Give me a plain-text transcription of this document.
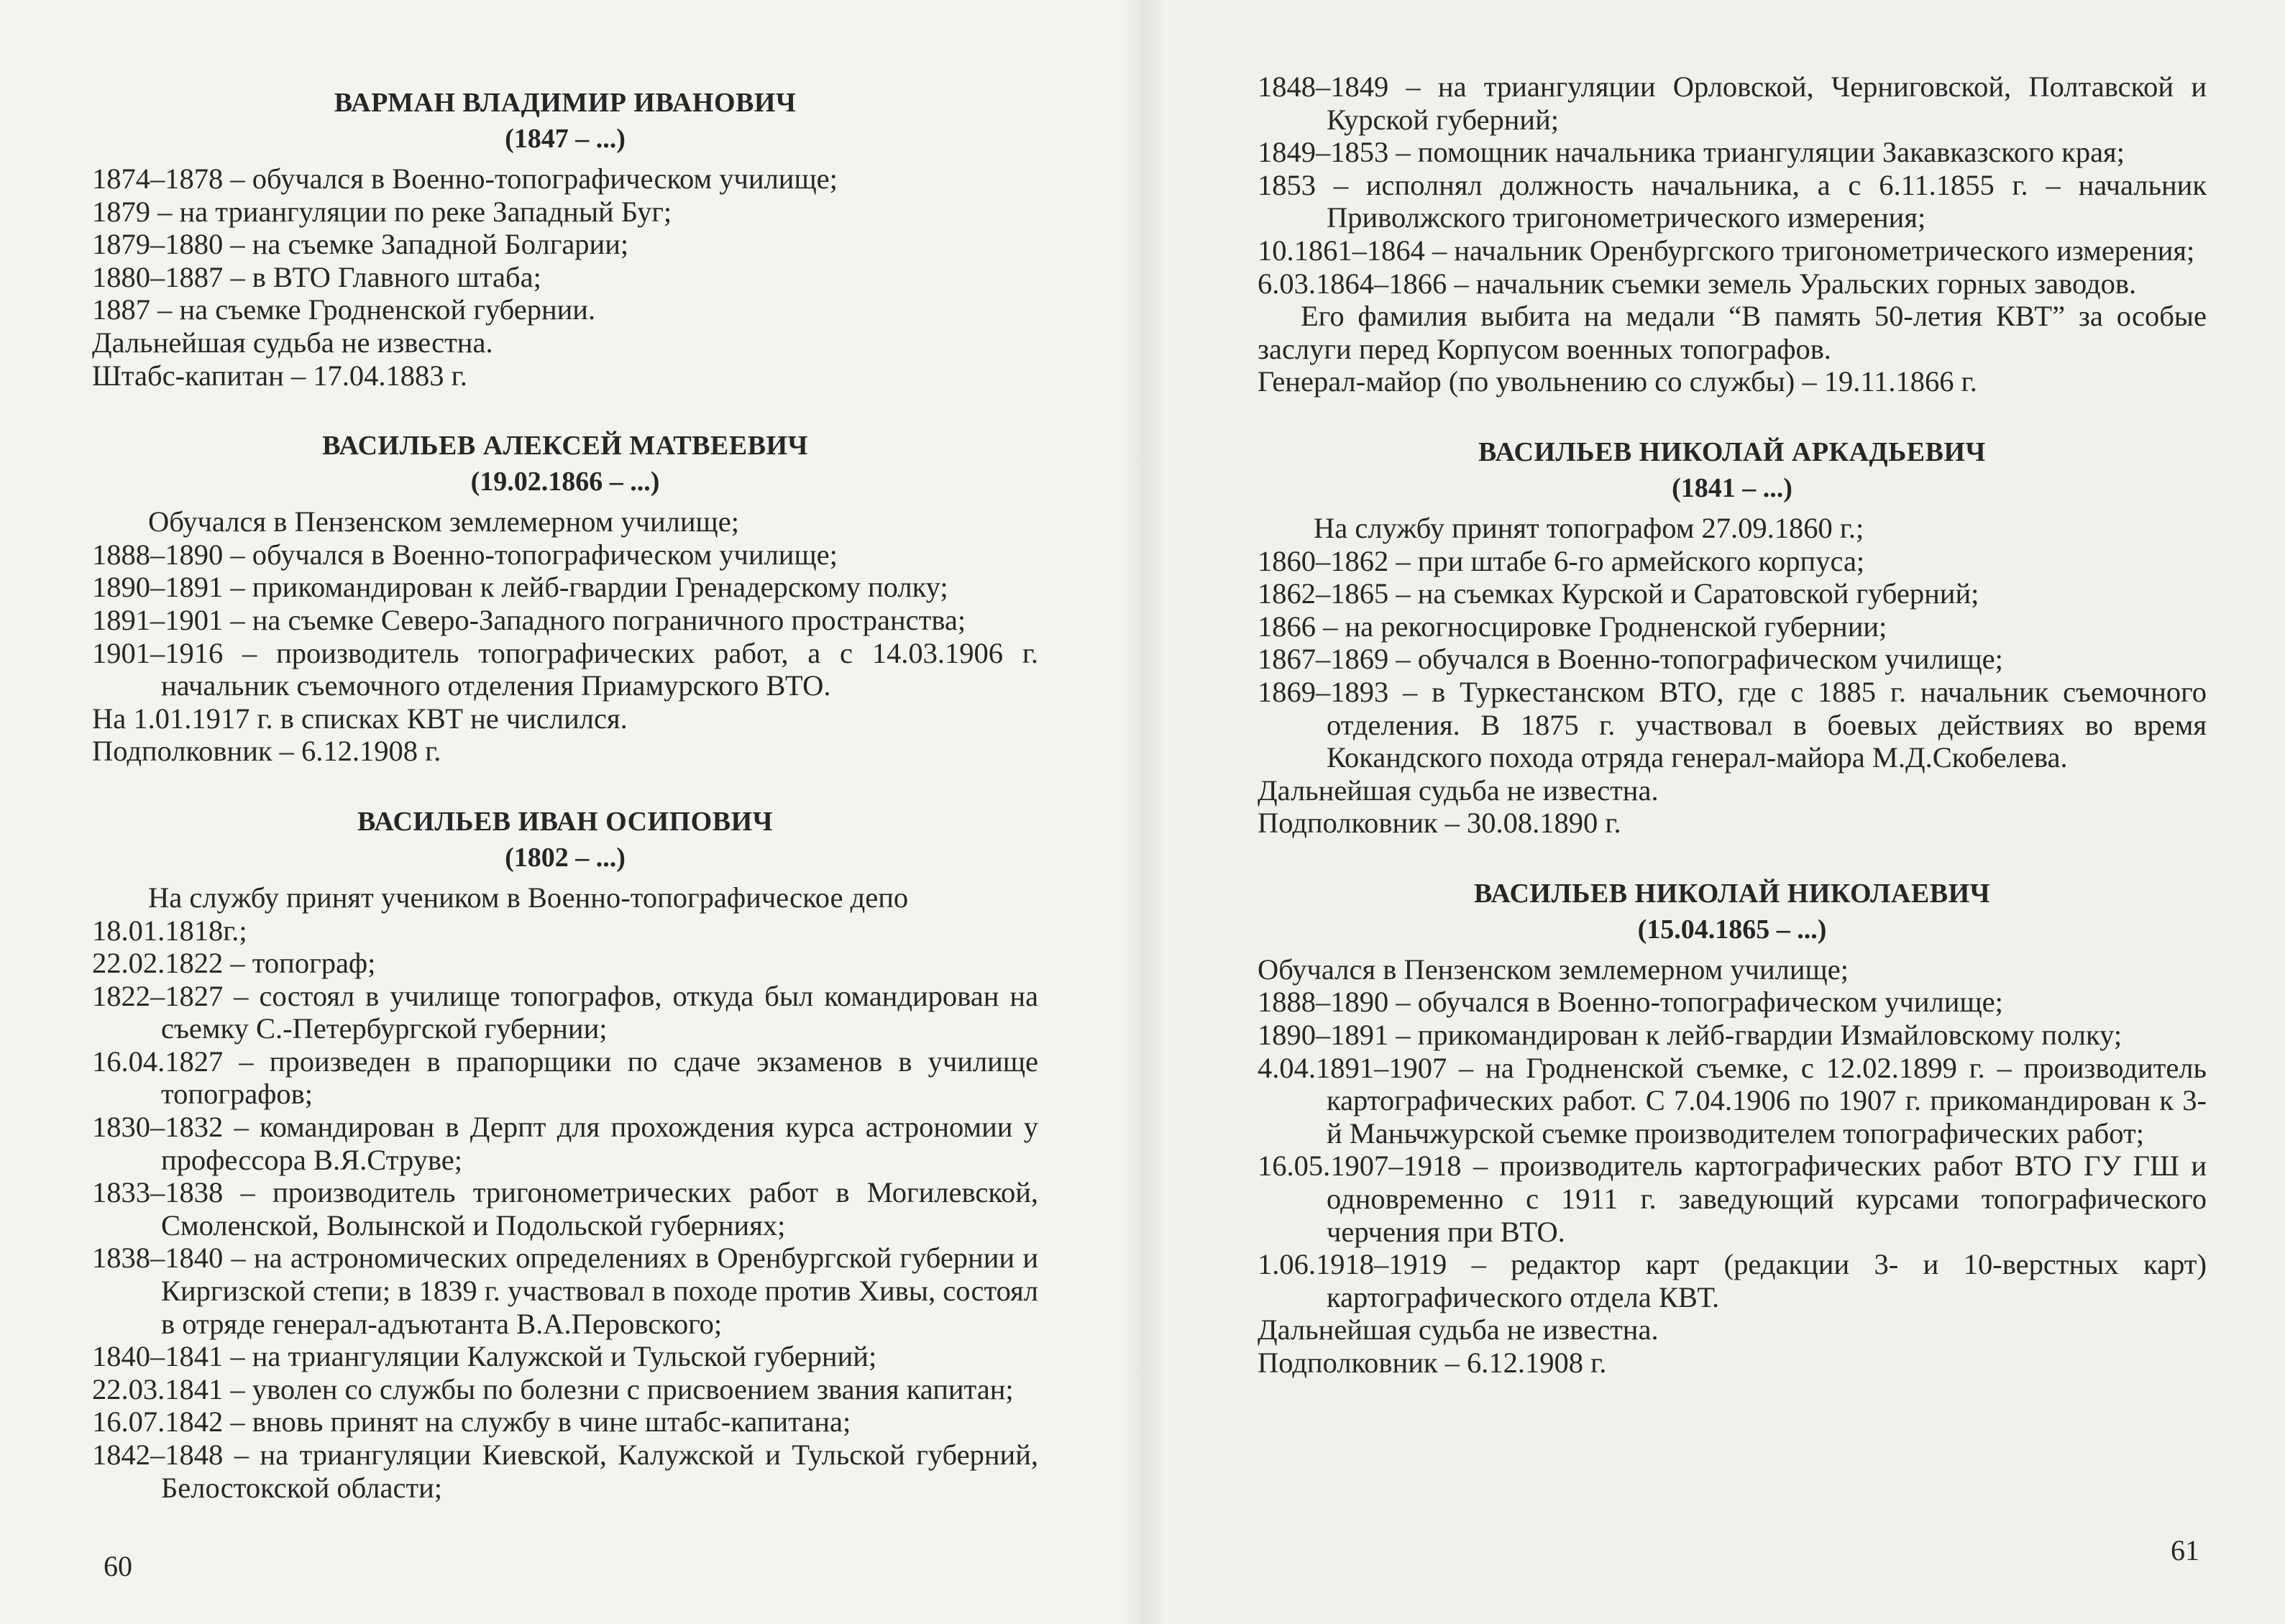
ВАРМАН ВЛАДИМИР ИВАНОВИЧ
(1847 – ...)
1874–1878 – обучался в Военно-топографическом училище;
1879 – на триангуляции по реке Западный Буг;
1879–1880 – на съемке Западной Болгарии;
1880–1887 – в ВТО Главного штаба;
1887 – на съемке Гродненской губернии.
Дальнейшая судьба не известна.
Штабс-капитан – 17.04.1883 г.
ВАСИЛЬЕВ АЛЕКСЕЙ МАТВЕЕВИЧ
(19.02.1866 – ...)
Обучался в Пензенском землемерном училище;
1888–1890 – обучался в Военно-топографическом училище;
1890–1891 – прикомандирован к лейб-гвардии Гренадерскому полку;
1891–1901 – на съемке Северо-Западного пограничного пространства;
1901–1916 – производитель топографических работ, а с 14.03.1906 г. начальник съемочного отделения Приамурского ВТО.
На 1.01.1917 г. в списках КВТ не числился.
Подполковник – 6.12.1908 г.
ВАСИЛЬЕВ ИВАН ОСИПОВИЧ
(1802 – ...)
На службу принят учеником в Военно-топографическое депо
18.01.1818г.;
22.02.1822 – топограф;
1822–1827 – состоял в училище топографов, откуда был командирован на съемку С.-Петербургской губернии;
16.04.1827 – произведен в прапорщики по сдаче экзаменов в училище топографов;
1830–1832 – командирован в Дерпт для прохождения курса астрономии у профессора В.Я.Струве;
1833–1838 – производитель тригонометрических работ в Могилевской, Смоленской, Волынской и Подольской губерниях;
1838–1840 – на астрономических определениях в Оренбургской губернии и Киргизской степи; в 1839 г. участвовал в походе против Хивы, состоял в отряде генерал-адъютанта В.А.Перовского;
1840–1841 – на триангуляции Калужской и Тульской губерний;
22.03.1841 – уволен со службы по болезни с присвоением звания капитан;
16.07.1842 – вновь принят на службу в чине штабс-капитана;
1842–1848 – на триангуляции Киевской, Калужской и Тульской губерний, Белостокской области;
60
1848–1849 – на триангуляции Орловской, Черниговской, Полтавской и Курской губерний;
1849–1853 – помощник начальника триангуляции Закавказского края;
1853 – исполнял должность начальника, а с 6.11.1855 г. – начальник Приволжского тригонометрического измерения;
10.1861–1864 – начальник Оренбургского тригонометрического измерения;
6.03.1864–1866 – начальник съемки земель Уральских горных заводов.
Его фамилия выбита на медали “В память 50-летия КВТ” за особые заслуги перед Корпусом военных топографов.
Генерал-майор (по увольнению со службы) – 19.11.1866 г.
ВАСИЛЬЕВ НИКОЛАЙ АРКАДЬЕВИЧ
(1841 – ...)
На службу принят топографом 27.09.1860 г.;
1860–1862 – при штабе 6-го армейского корпуса;
1862–1865 – на съемках Курской и Саратовской губерний;
1866 – на рекогносцировке Гродненской губернии;
1867–1869 – обучался в Военно-топографическом училище;
1869–1893 – в Туркестанском ВТО, где с 1885 г. начальник съемочного отделения. В 1875 г. участвовал в боевых действиях во время Кокандского похода отряда генерал-майора М.Д.Скобелева.
Дальнейшая судьба не известна.
Подполковник – 30.08.1890 г.
ВАСИЛЬЕВ НИКОЛАЙ НИКОЛАЕВИЧ
(15.04.1865 – ...)
Обучался в Пензенском землемерном училище;
1888–1890 – обучался в Военно-топографическом училище;
1890–1891 – прикомандирован к лейб-гвардии Измайловскому полку;
4.04.1891–1907 – на Гродненской съемке, с 12.02.1899 г. – производитель картографических работ. С 7.04.1906 по 1907 г. прикомандирован к 3-й Маньчжурской съемке производителем топографических работ;
16.05.1907–1918 – производитель картографических работ ВТО ГУ ГШ и одновременно с 1911 г. заведующий курсами топографического черчения при ВТО.
1.06.1918–1919 – редактор карт (редакции 3- и 10-верстных карт) картографического отдела КВТ.
Дальнейшая судьба не известна.
Подполковник – 6.12.1908 г.
61
